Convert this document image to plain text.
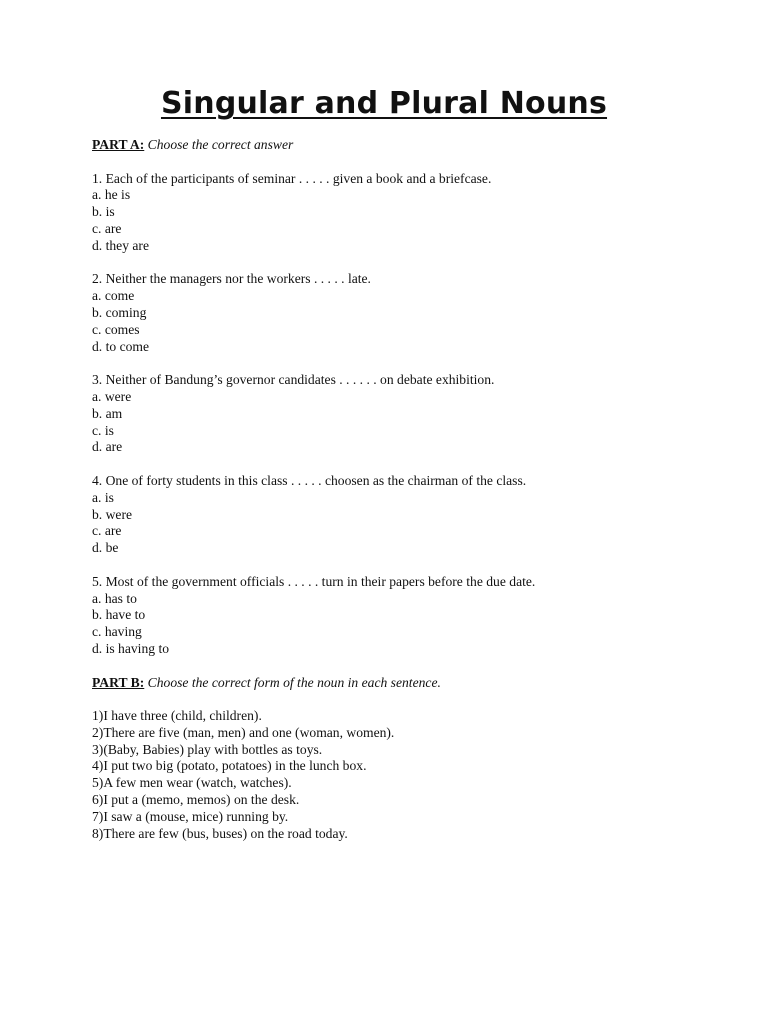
Singular and Plural Nouns
PART A: Choose the correct answer
1. Each of the participants of seminar . . . . . given a book and a briefcase.
a. he is
b. is
c. are
d. they are
2. Neither the managers nor the workers . . . . . late.
a. come
b. coming
c. comes
d. to come
3. Neither of Bandung’s governor candidates . . . . . . on debate exhibition.
a. were
b. am
c. is
d. are
4. One of forty students in this class . . . . . choosen as the chairman of the class.
a. is
b. were
c. are
d. be
5. Most of the government officials . . . . . turn in their papers before the due date.
a. has to
b. have to
c. having
d. is having to
PART B: Choose the correct form of the noun in each sentence.
1)I have three (child, children).
2)There are five (man, men) and one (woman, women).
3)(Baby, Babies) play with bottles as toys.
4)I put two big (potato, potatoes) in the lunch box.
5)A few men wear (watch, watches).
6)I put a (memo, memos) on the desk.
7)I saw a (mouse, mice) running by.
8)There are few (bus, buses) on the road today.
